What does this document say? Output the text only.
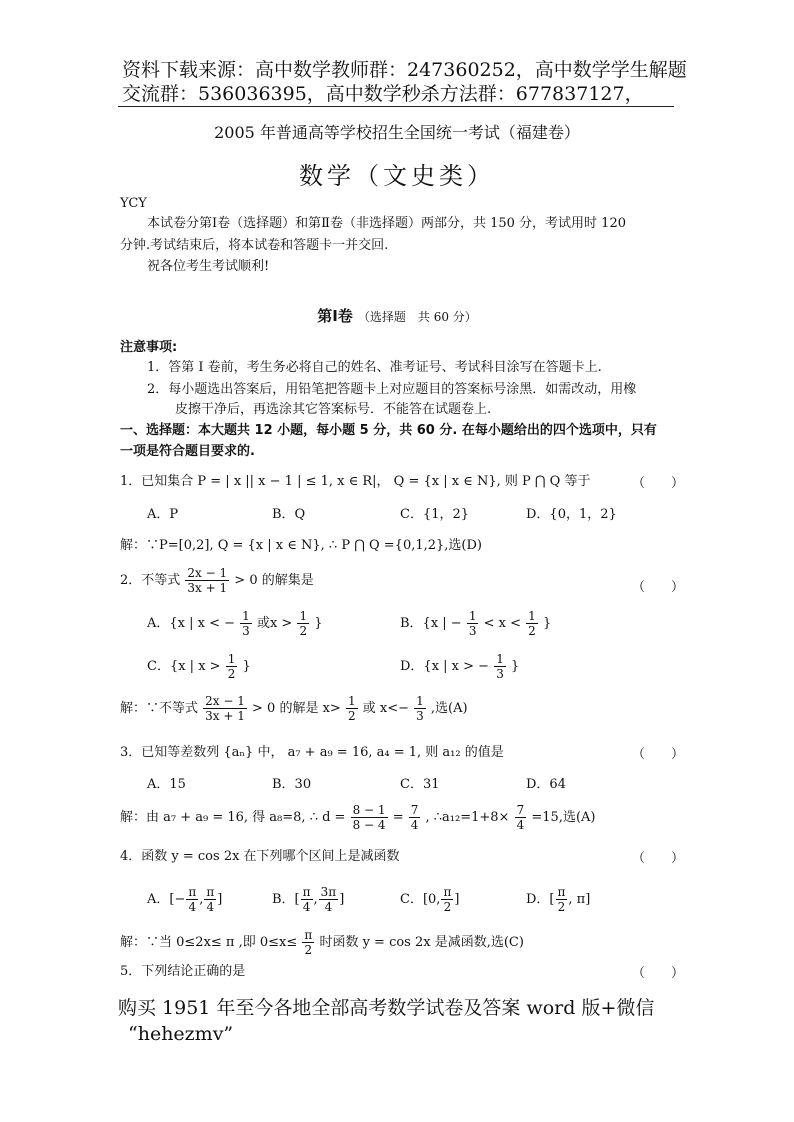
资料下载来源：高中数学教师群：247360252，高中数学学生解题
交流群：536036395，高中数学秒杀方法群：677837127，
2005 年普通高等学校招生全国统一考试（福建卷）
数学（文史类）
YCY
本试卷分第Ⅰ卷（选择题）和第Ⅱ卷（非选择题）两部分，共 150 分，考试用时 120
分钟.考试结束后，将本试卷和答题卡一并交回.
祝各位考生考试顺利!
第Ⅰ卷 （选择题　共 60 分）
注意事项:
1．答第 I 卷前，考生务必将自己的姓名、准考证号、考试科目涂写在答题卡上.
2．每小题选出答案后，用铅笔把答题卡上对应题目的答案标号涂黑．如需改动，用橡
皮擦干净后，再选涂其它答案标号．不能答在试题卷上.
一、选择题：本大题共 12 小题，每小题 5 分，共 60 分. 在每小题给出的四个选项中，只有
一项是符合题目要求的.
1．已知集合 P = | x || x − 1 | ≤ 1, x ∈ R|， Q = {x | x ∈ N}, 则 P ⋂ Q 等于	（　　）
A．P	B．Q	C．{1，2}	D．{0，1，2}
解：∵P=[0,2], Q = {x | x ∈ N}, ∴ P ⋂ Q ={0,1,2},选(D)
2．不等式 $\frac{2x - 1}{3x + 1} > 0$ 的解集是	（　　）
A．{x | x < − $\frac{1}{3}$ 或$x > \frac{1}{2}$ }	B．{x | − $\frac{1}{3} < x < \frac{1}{2}$ }
C．{x | $x > \frac{1}{2}$ }	D．{x | x > − $\frac{1}{3}$ }
解：∵不等式 $\frac{2x - 1}{3x + 1} > 0$ 的解是 $x> \frac{1}{2}$ 或 $x<- \frac{1}{3}$ ,选(A)
3．已知等差数列 {aₙ} 中， a₇ + a₉ = 16, a₄ = 1, 则 a₁₂ 的值是	（　　）
A．15	B．30	C．31	D．64
解：由 a₇ + a₉ = 16, 得 a₈=8, ∴ $d = \frac{8 - 1}{8 - 4} = \frac{7}{4}$ , ∴a₁₂=1+8× $\frac{7}{4} =15$,选(A)
4．函数 y = cos 2x 在下列哪个区间上是减函数	（　　）
A．[− $\frac{\pi}{4}$ , $\frac{\pi}{4}$ ]	B．[ $\frac{\pi}{4}$ , $\frac{3\pi}{4}$ ]	C．[0, $\frac{\pi}{2}$ ]	D．[ $\frac{\pi}{2}$ , π]
解：∵当 0≤2x≤ π ,即 $0\le x\le \frac{\pi}{2}$ 时函数 y = cos 2x 是减函数,选(C)
5．下列结论正确的是	（　　）
购买 1951 年至今各地全部高考数学试卷及答案 word 版+微信
“hehezmv”
